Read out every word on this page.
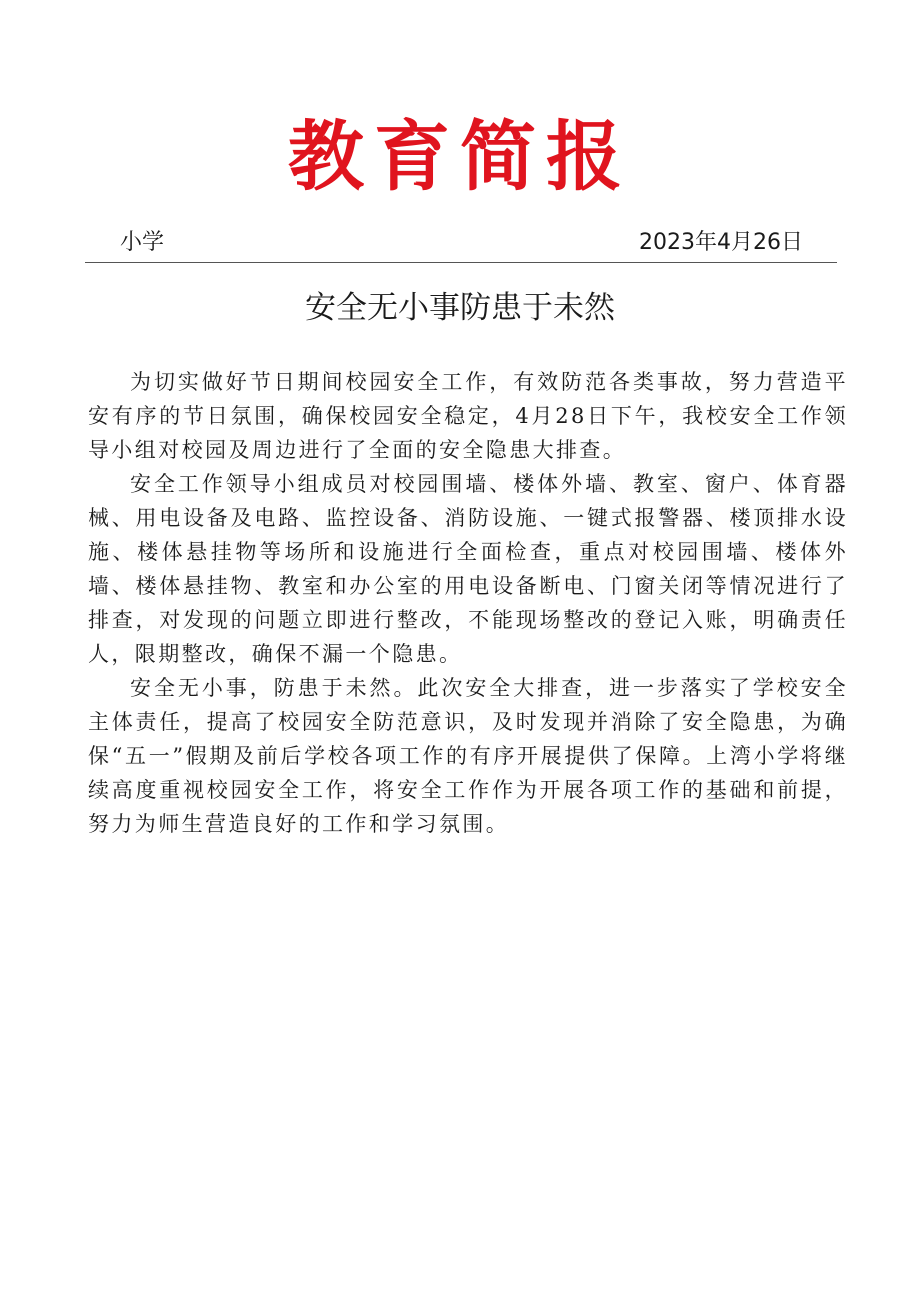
教育简报
小学	2023年4月26日
安全无小事防患于未然

为切实做好节日期间校园安全工作，有效防范各类事故，努力营造平安有序的节日氛围，确保校园安全稳定，4月28日下午，我校安全工作领导小组对校园及周边进行了全面的安全隐患大排查。

安全工作领导小组成员对校园围墙、楼体外墙、教室、窗户、体育器械、用电设备及电路、监控设备、消防设施、一键式报警器、楼顶排水设施、楼体悬挂物等场所和设施进行全面检查，重点对校园围墙、楼体外墙、楼体悬挂物、教室和办公室的用电设备断电、门窗关闭等情况进行了排查，对发现的问题立即进行整改，不能现场整改的登记入账，明确责任人，限期整改，确保不漏一个隐患。

安全无小事，防患于未然。此次安全大排查，进一步落实了学校安全主体责任，提高了校园安全防范意识，及时发现并消除了安全隐患，为确保“五一”假期及前后学校各项工作的有序开展提供了保障。上湾小学将继续高度重视校园安全工作，将安全工作作为开展各项工作的基础和前提，努力为师生营造良好的工作和学习氛围。
